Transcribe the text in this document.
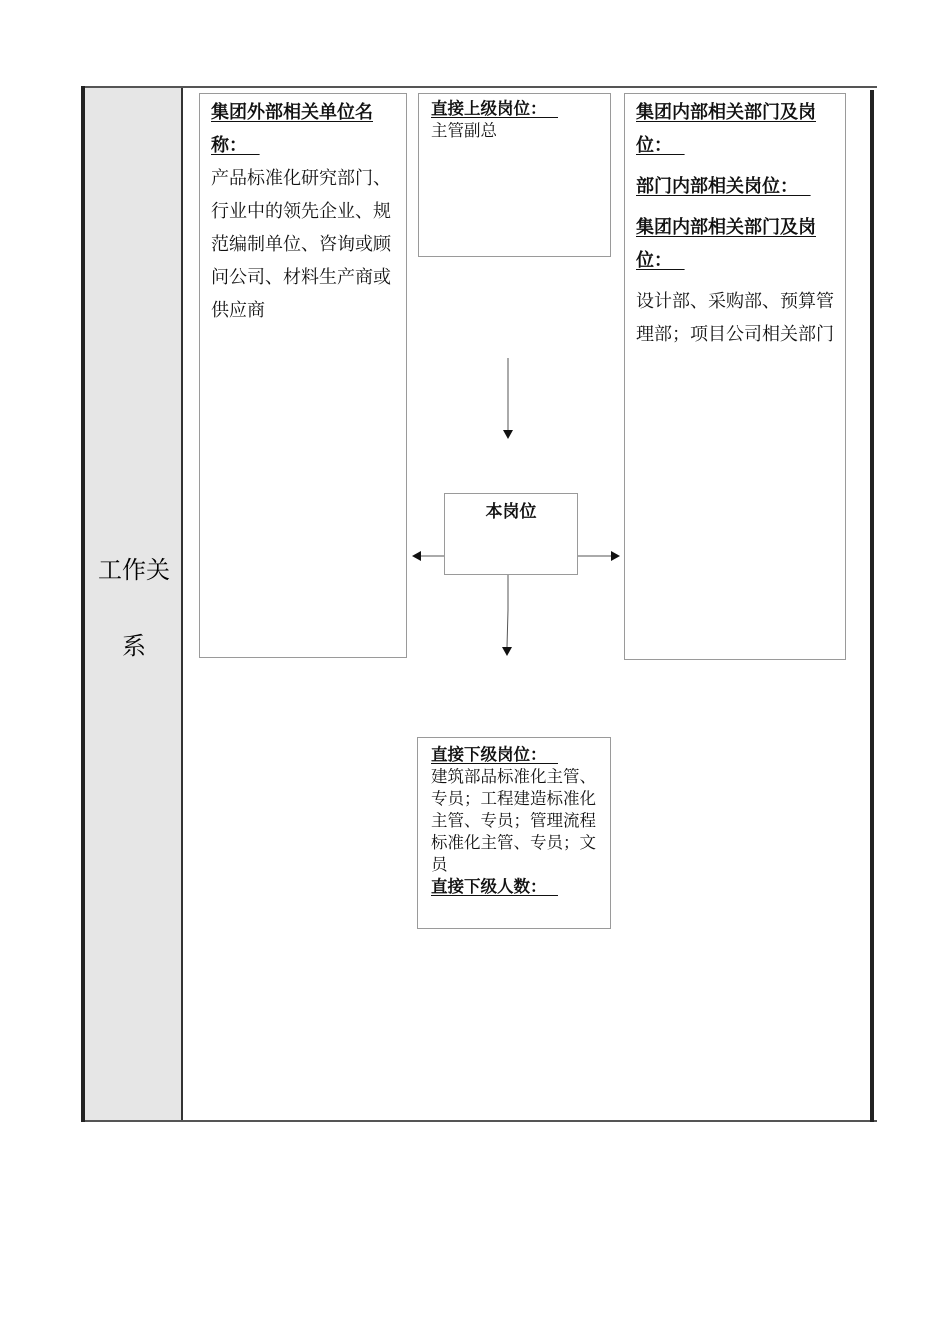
工作关
系
集团外部相关单位名称：
产品标准化研究部门、行业中的领先企业、规范编制单位、咨询或顾问公司、材料生产商或供应商
直接上级岗位：
主管副总
集团内部相关部门及岗位：
部门内部相关岗位：
集团内部相关部门及岗位：
设计部、采购部、预算管理部；项目公司相关部门
本岗位
直接下级岗位：
建筑部品标准化主管、专员；工程建造标准化主管、专员；管理流程标准化主管、专员；文员
直接下级人数：
